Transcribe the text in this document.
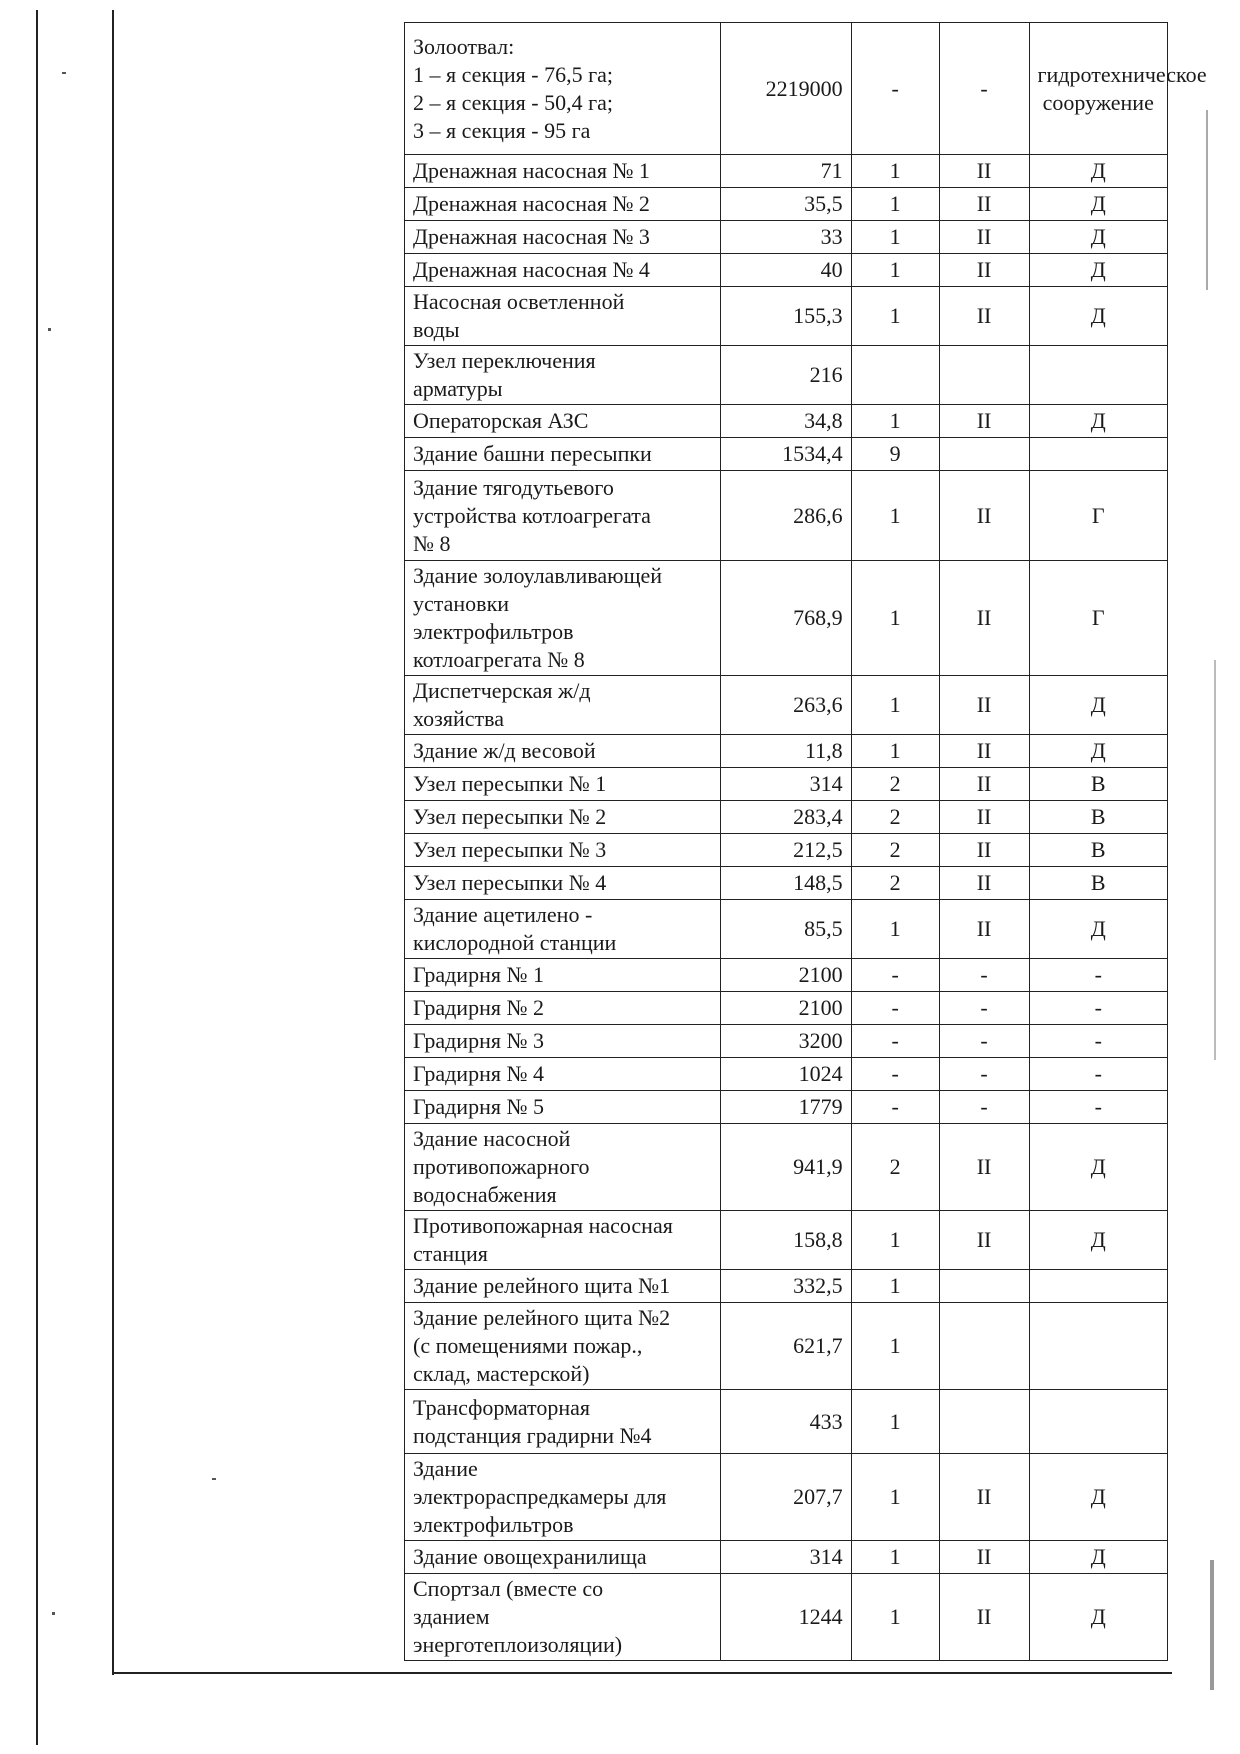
Золоотвал:
1 – я секция - 76,5 га;
2 – я секция - 50,4 га;
3 – я секция - 95 га	2219000	-	-	гидротехническое сооружение

Дренажная насосная № 1	71	1	II	Д

Дренажная насосная № 2	35,5	1	II	Д

Дренажная насосная № 3	33	1	II	Д

Дренажная насосная № 4	40	1	II	Д

Насосная осветленной
воды	155,3	1	II	Д

Узел переключения
арматуры	216			

Операторская АЗС	34,8	1	II	Д

Здание башни пересыпки	1534,4	9		

Здание тягодутьевого
устройства котлоагрегата
№ 8	286,6	1	II	Г

Здание золоулавливающей
установки
электрофильтров
котлоагрегата № 8	768,9	1	II	Г

Диспетчерская ж/д
хозяйства	263,6	1	II	Д

Здание ж/д весовой	11,8	1	II	Д

Узел пересыпки № 1	314	2	II	В

Узел пересыпки № 2	283,4	2	II	В

Узел пересыпки № 3	212,5	2	II	В

Узел пересыпки № 4	148,5	2	II	В

Здание ацетилено -
кислородной станции	85,5	1	II	Д

Градирня № 1	2100	-	-	-

Градирня № 2	2100	-	-	-

Градирня № 3	3200	-	-	-

Градирня № 4	1024	-	-	-

Градирня № 5	1779	-	-	-

Здание насосной
противопожарного
водоснабжения	941,9	2	II	Д

Противопожарная насосная
станция	158,8	1	II	Д

Здание релейного щита №1	332,5	1		

Здание релейного щита №2
(с помещениями пожар.,
склад, мастерской)	621,7	1		

Трансформаторная
подстанция градирни №4	433	1		

Здание
электрораспредкамеры для
электрофильтров	207,7	1	II	Д

Здание овощехранилища	314	1	II	Д

Спортзал (вместе со
зданием
энерготеплоизоляции)	1244	1	II	Д
